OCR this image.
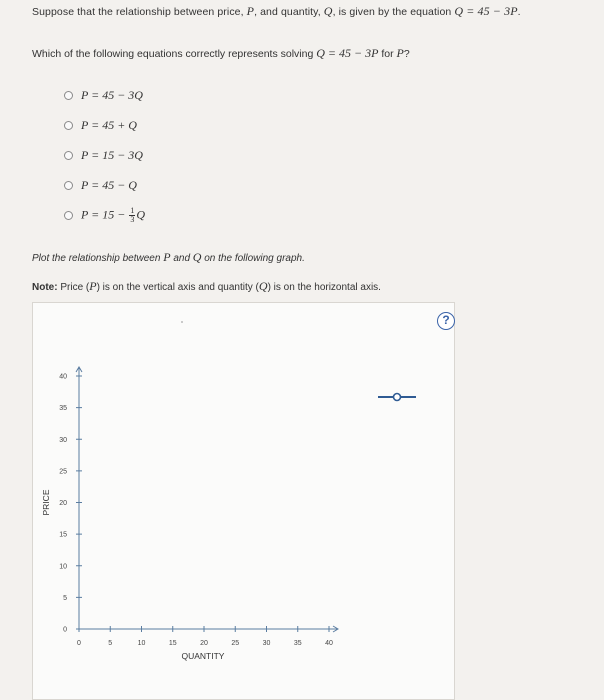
Suppose that the relationship between price, P, and quantity, Q, is given by the equation Q = 45 − 3P.
Which of the following equations correctly represents solving Q = 45 − 3P for P?
P = 45 − 3Q
P = 45 + Q
P = 15 − 3Q
P = 45 − Q
$P = 15 - \frac{1}{3}$ Q
Plot the relationship between P and Q on the following graph.
Note: Price (P) is on the vertical axis and quantity (Q) is on the horizontal axis.
?
0
5
10
15
20
25
30
35
40
0	5	10	15	20	25	30	35	40
QUANTITY
PRICE
